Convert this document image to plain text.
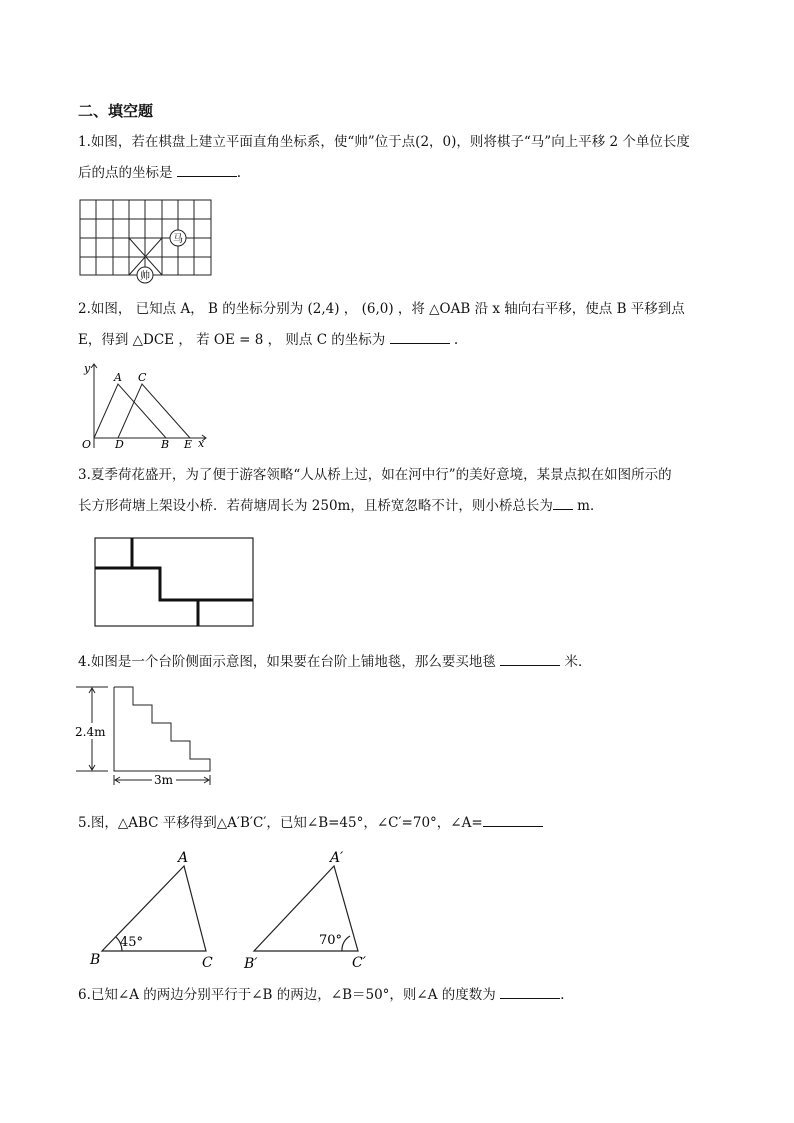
二、填空题
1.如图，若在棋盘上建立平面直角坐标系，使“帅”位于点(2，0)，则将棋子“马”向上平移 2 个单位长度
后的点的坐标是	.
马
帅
2.如图， 已知点 A， B 的坐标分别为 (2,4) ， (6,0) ，将 △OAB 沿 x 轴向右平移，使点 B 平移到点
E，得到 △DCE ， 若 OE = 8 ， 则点 C 的坐标为	.
y
x
A C
O D	B E
3.夏季荷花盛开，为了便于游客领略“人从桥上过，如在河中行”的美好意境，某景点拟在如图所示的
长方形荷塘上架设小桥．若荷塘周长为 250m，且桥宽忽略不计，则小桥总长为 m．
4.如图是一个台阶侧面示意图，如果要在台阶上铺地毯，那么要买地毯	米．
2.4m
3m
5.图，△ABC 平移得到△A′B′C′，已知∠B=45°，∠C′=70°，∠A=
A
B	C
A′
B′	C′
45°	70°
6.已知∠A 的两边分别平行于∠B 的两边，∠B＝50°，则∠A 的度数为	.
